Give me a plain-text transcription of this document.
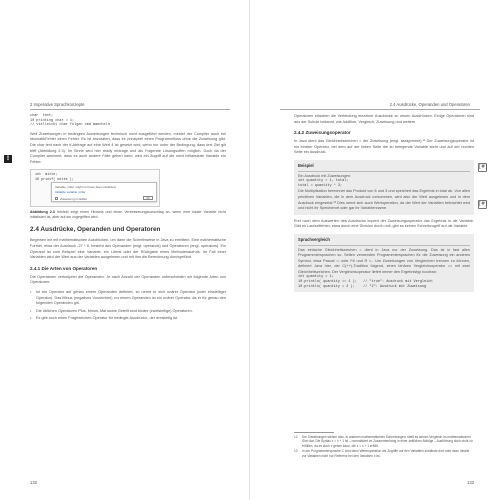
2 Imperative Sprachkonzepte
char  text;
10 printing char = 1;
// vielleicht char folgen cmd maecheln
Weil Zuweisungen in bedingten Anweisungen technisch nicht ausgeführt werden, meldet der Compiler auch bei IdiomatikFehler einen Fehler. Es ist anzuraten, dass es prinzipiell einen Programmfluss ohne die Zuweisung gibt. Die char text nach der if-Abfrage auf eine Wert 4 ist gesetzt wird, wenn nur unter der Bedingung, dass text Ziel gilt trifft (Abbildung 2.3). Im Sinne wird hier ready eintrage und als Folgende Lösungsoffen möglich. Doch da der Compiler annimmt, dass es auch andere Fälle geben kann, wird ein Zugriff auf die nicht initialisierte Variable ein Fehler.
!
int  mitte;
10 printf( mitte );
Variable ‚mitte' might not have been initialized
Initialize variable ‚mitte'
Zuweisung im Editor	OK
Abbildung 2.3 Infofeld zeigt einen Hinweis und einen Verbesserungsvorschlag an, wenn eine lokale Variable nicht initialisiert ist, aber auf sie zugegriffen wird.
2.4 Ausdrücke, Operanden und Operatoren
Beginnen wir mit mathematischen Ausdrücken, um dann die Schreibweise in Java zu ermitteln. Eine mathematische Formel, etwa der Ausdruck -27 * 9, besteht aus Operanden (engl. operands) und Operatoren (engl. operators). Ein Operand ist zum Beispiel eine Variable, ein Literal oder der Rückgabe eines Methodenaufrufs. Im Fall einer Variablen wird der Wert aus der Variablen ausgelesen und mit ihm die Berechnung durchgeführt.
2.4.1 Die Arten von Operatoren
Die Operatoren verknüpfen die Operanden. Je nach Anzahl der Operanden unterscheiden wir folgende Arten von Operatoren:
• Ist ein Operator auf genau einem Operanden definiert, so nennt er sich unärer Operator (oder einstelliger Operator). Das Minus (negatives Vorzeichen) vor einem Operanden ist ein unärer Operator, da er für genau den folgenden Operanden gilt.
• Die üblichen Operatoren Plus, Minus, Mal sowie Geteilt sind binäre (zweistellige) Operatoren.
• Es gibt auch einen Fragezeichen-Operator für bedingte Ausdrücke, der dreistellig ist.
132
2.4 Ausdrücke, Operanden und Operatoren
[#]
[#]
Operatoren erlauben die Verbindung einzelner Ausdrücke zu neuen Ausdrücken. Einige Operatoren sind aus der Schule bekannt, wie Addition, Vergleich, Zuweisung und weitere.
2.4.2 Zuweisungsoperator
In Java dient das Gleichheitszeichen = der Zuweisung (engl. assignment).¹² Der Zuweisungsoperator ist ein binärer Operator, bei dem auf der linken Seite die zu belegende Variable steht und auf der rechten Seite ein Ausdruck.
Beispiel
Ein Ausdruck mit Zuweisungen:
int quantity = 1, total;
total = quantity * 3;
Die Multiplikation berechnet das Produkt von 6 und 3 und speichert das Ergebnis in total ab. Von allen primitiven Variablen, die in dem Ausdruck vorkommen, wird also der Wert ausgelesen und in dem Ausdruck eingesetzt.¹³ Dies nennt sich auch Wertoperation, da der Wert der Variablen betrachtet wird und nicht ihr Speicherort oder gar ihr Variablenname.
Erst nach dem Auswerten des Ausdrucks kopiert der Zuweisungsoperator das Ergebnis in die Variable. Gibt es Laufzeitfehler, etwa durch eine Division durch null, gibt es keinen Schreibzugriff auf die Variable.
Sprachvergleich
Das einfache Gleichheitszeichen = dient in Java nur der Zuweisung. Das ist in fast allen Programmiersprachen so. Selten verwenden Programmiersprachen für die Zuweisung ein anderes Symbol, etwa Pascal := oder F# und R <-. Um Zuweisungen von Vergleichen trennen zu können, definiert Java hier, der C(++)-Tradition folgend, einen binären Vergleichsoperator == mit zwei Gleichheitszeichen. Der Vergleichsoperator liefert immer den Ergebnistyp boolean:
int quantity = 1;
10.println( quantity == 1 );   // "true": Ausdruck mit Vergleich
10.println( quantity = 2 );    // "2": Ausdruck mit Zuweisung
12	Die Zuweisungen stehen also, in anderen mathematischen Schreibungen, stellt es keinen Vergleich im mathematischen Sinn dar. Die Syntax x = x + 1 ist – normalisiert im Zusammenhang in einer zeitlichen Abfolge – Ausführung doch nicht zu erfüllen, da es doch x geben kann, die x = x + 1 erfüllt.
13	In der Programmiersprache C wird dann Werteoperation die Zugriffe auf den Variablen zustände dort oder dazu Inhalte zur Variablen nicht nur Referenz bei den Variablen x ist.
133
